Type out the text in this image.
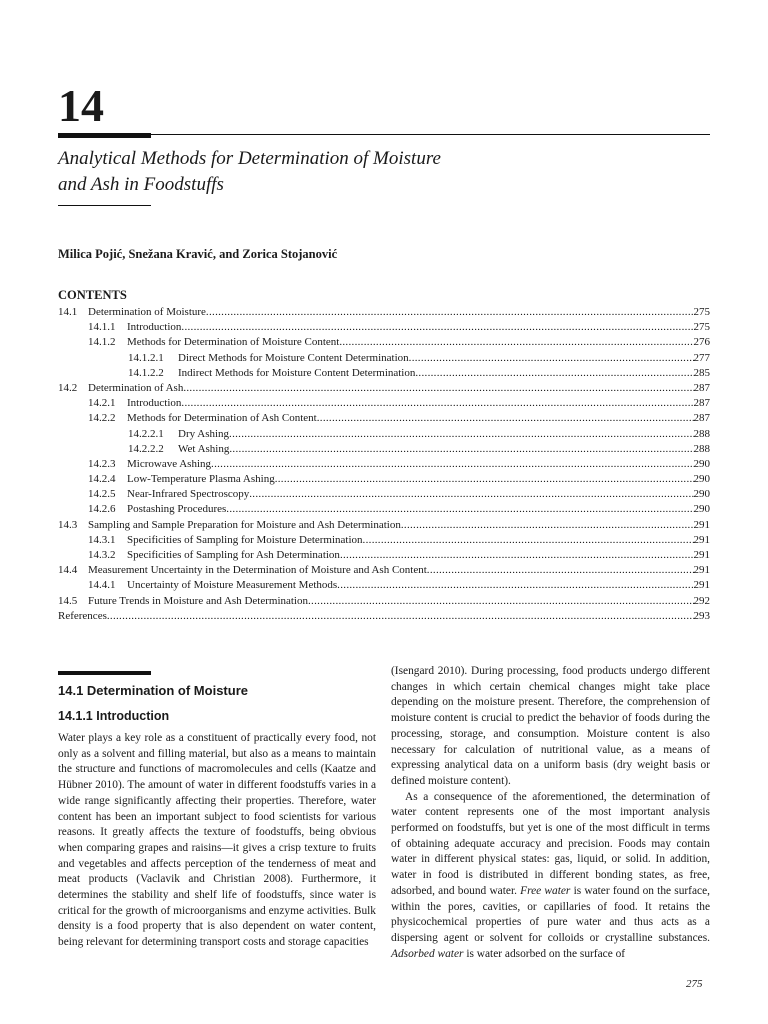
14
Analytical Methods for Determination of Moisture
and Ash in Foodstuffs
Milica Pojić, Snežana Kravić, and Zorica Stojanović
CONTENTS
14.1 Determination of Moisture .....	275
14.1.1	Introduction .....	275
14.1.2	Methods for Determination of Moisture Content .....	276
14.1.2.1	Direct Methods for Moisture Content Determination .....	277
14.1.2.2	Indirect Methods for Moisture Content Determination .....	285
14.2 Determination of Ash .....	287
14.2.1	Introduction .....	287
14.2.2	Methods for Determination of Ash Content .....	287
14.2.2.1	Dry Ashing .....	288
14.2.2.2	Wet Ashing .....	288
14.2.3	Microwave Ashing .....	290
14.2.4	Low-Temperature Plasma Ashing .....	290
14.2.5	Near-Infrared Spectroscopy .....	290
14.2.6	Postashing Procedures .....	290
14.3 Sampling and Sample Preparation for Moisture and Ash Determination .....	291
14.3.1	Specificities of Sampling for Moisture Determination .....	291
14.3.2	Specificities of Sampling for Ash Determination .....	291
14.4 Measurement Uncertainty in the Determination of Moisture and Ash Content .....	291
14.4.1	Uncertainty of Moisture Measurement Methods .....	291
14.5 Future Trends in Moisture and Ash Determination .....	292
References .....	293
14.1 Determination of Moisture
14.1.1 Introduction

Water plays a key role as a constituent of practically every food, not only as a solvent and filling material, but also as a means to maintain the structure and functions of macromolecules and cells (Kaatze and Hübner 2010). The amount of water in different foodstuffs varies in a wide range significantly affecting their properties. Therefore, water content has been an important subject to food scientists for various reasons. It greatly affects the texture of foodstuffs, being obvious when comparing grapes and raisins—it gives a crisp texture to fruits and vegetables and affects perception of the tenderness of meat and meat products (Vaclavik and Christian 2008). Furthermore, it determines the stability and shelf life of foodstuffs, since water is critical for the growth of microorganisms and enzyme activities. Bulk density is a food property that is also dependent on water content, being relevant for determining transport costs and storage capacities

(Isengard 2010). During processing, food products undergo different changes in which certain chemical changes might take place depending on the moisture present. Therefore, the comprehension of moisture content is crucial to predict the behavior of foods during the processing, storage, and consumption. Moisture content is also necessary for calculation of nutritional value, as a means of expressing analytical data on a uniform basis (dry weight basis or defined moisture content).

As a consequence of the aforementioned, the determination of water content represents one of the most important analysis performed on foodstuffs, but yet is one of the most difficult in terms of obtaining adequate accuracy and precision. Foods may contain water in different physical states: gas, liquid, or solid. In addition, water in food is distributed in different bonding states, as free, adsorbed, and bound water. Free water is water found on the surface, within the pores, cavities, or capillaries of food. It retains the physicochemical properties of pure water and thus acts as a dispersing agent or solvent for colloids or crystalline substances. Adsorbed water is water adsorbed on the surface of

275
